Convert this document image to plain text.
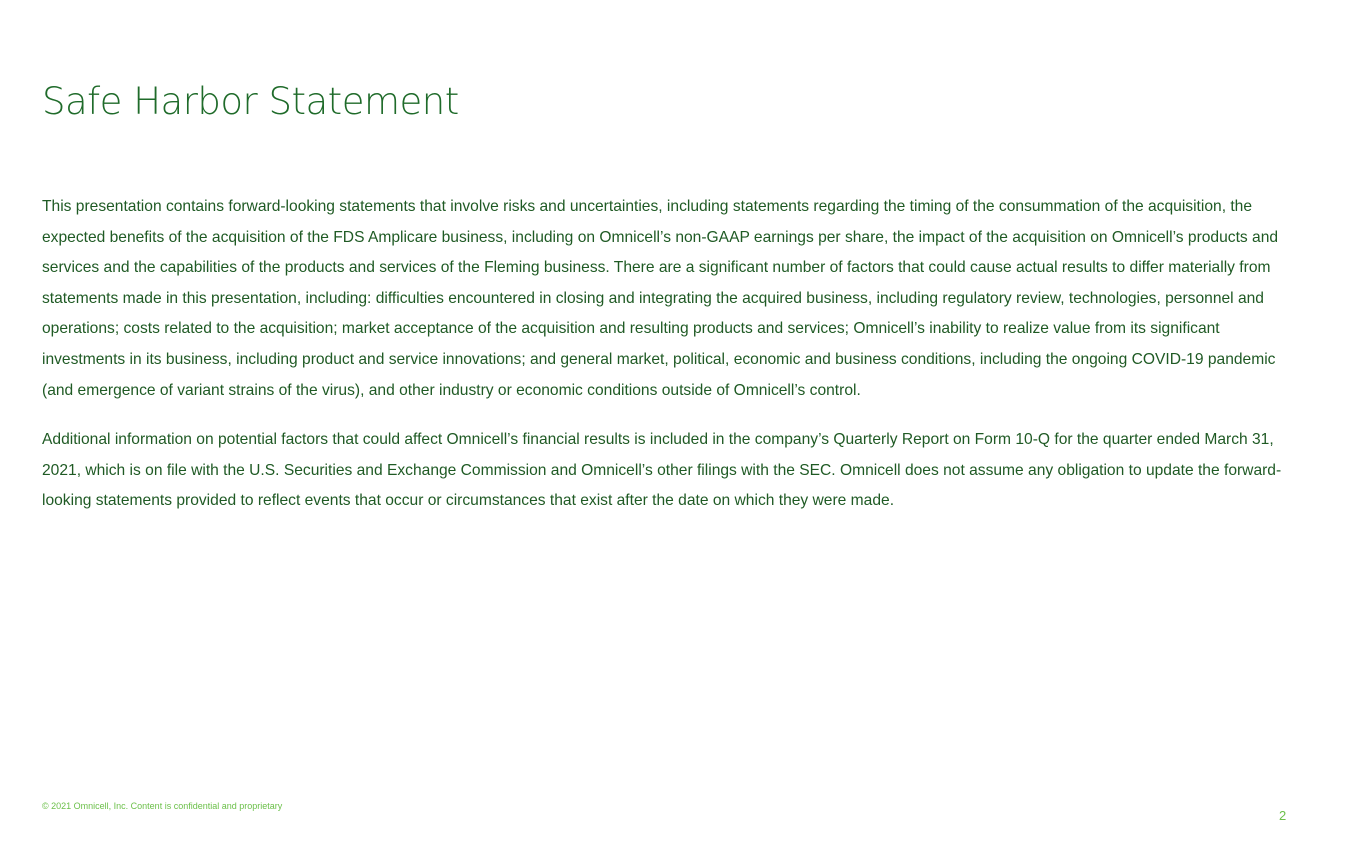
Safe Harbor Statement

This presentation contains forward-looking statements that involve risks and uncertainties, including statements regarding the timing of the consummation of the acquisition, the expected benefits of the acquisition of the FDS Amplicare business, including on Omnicell’s non-GAAP earnings per share, the impact of the acquisition on Omnicell’s products and services and the capabilities of the products and services of the Fleming business. There are a significant number of factors that could cause actual results to differ materially from statements made in this presentation, including: difficulties encountered in closing and integrating the acquired business, including regulatory review, technologies, personnel and operations; costs related to the acquisition; market acceptance of the acquisition and resulting products and services; Omnicell’s inability to realize value from its significant investments in its business, including product and service innovations; and general market, political, economic and business conditions, including the ongoing COVID-19 pandemic (and emergence of variant strains of the virus), and other industry or economic conditions outside of Omnicell’s control.

Additional information on potential factors that could affect Omnicell’s financial results is included in the company’s Quarterly Report on Form 10-Q for the quarter ended March 31, 2021, which is on file with the U.S. Securities and Exchange Commission and Omnicell’s other filings with the SEC. Omnicell does not assume any obligation to update the forward-looking statements provided to reflect events that occur or circumstances that exist after the date on which they were made.

© 2021 Omnicell, Inc. Content is confidential and proprietary
2
